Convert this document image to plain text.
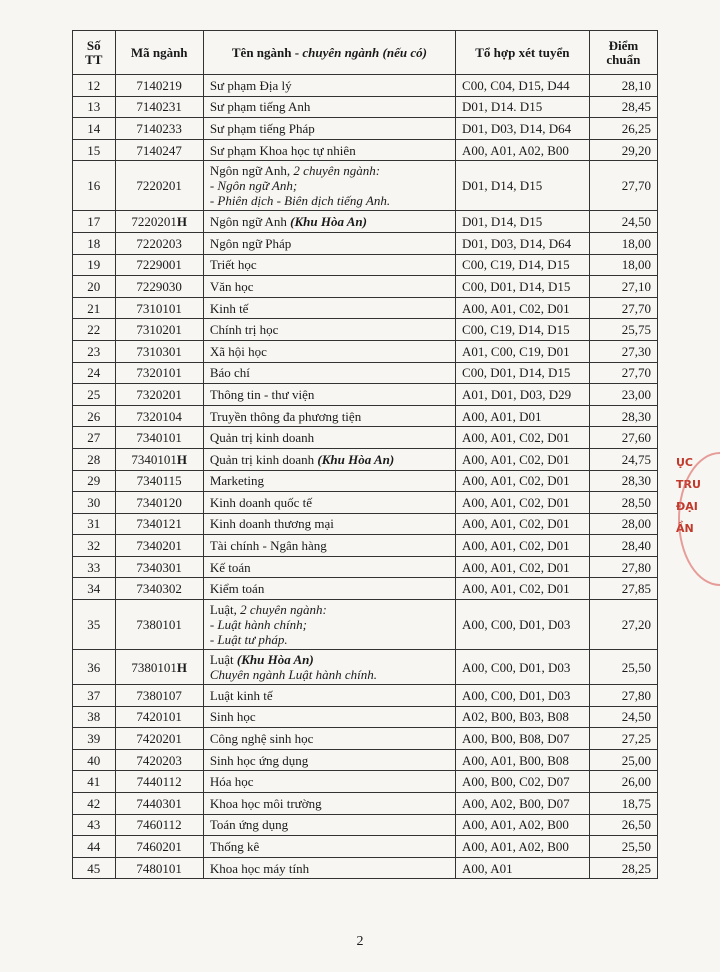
Số
TT	Mã ngành	Tên ngành - chuyên ngành (nếu có)	Tổ hợp xét tuyển	Điểm
chuẩn
12	7140219	Sư phạm Địa lý	C00, C04, D15, D44	28,10
13	7140231	Sư phạm tiếng Anh	D01, D14. D15	28,45
14	7140233	Sư phạm tiếng Pháp	D01, D03, D14, D64	26,25
15	7140247	Sư phạm Khoa học tự nhiên	A00, A01, A02, B00	29,20
16	7220201	Ngôn ngữ Anh, 2 chuyên ngành:
- Ngôn ngữ Anh;
- Phiên dịch - Biên dịch tiếng Anh.	D01, D14, D15	27,70
17	7220201H	Ngôn ngữ Anh (Khu Hòa An)	D01, D14, D15	24,50
18	7220203	Ngôn ngữ Pháp	D01, D03, D14, D64	18,00
19	7229001	Triết học	C00, C19, D14, D15	18,00
20	7229030	Văn học	C00, D01, D14, D15	27,10
21	7310101	Kinh tế	A00, A01, C02, D01	27,70
22	7310201	Chính trị học	C00, C19, D14, D15	25,75
23	7310301	Xã hội học	A01, C00, C19, D01	27,30
24	7320101	Báo chí	C00, D01, D14, D15	27,70
25	7320201	Thông tin - thư viện	A01, D01, D03, D29	23,00
26	7320104	Truyền thông đa phương tiện	A00, A01, D01	28,30
27	7340101	Quản trị kinh doanh	A00, A01, C02, D01	27,60
28	7340101H	Quản trị kinh doanh (Khu Hòa An)	A00, A01, C02, D01	24,75
29	7340115	Marketing	A00, A01, C02, D01	28,30
30	7340120	Kinh doanh quốc tế	A00, A01, C02, D01	28,50
31	7340121	Kinh doanh thương mại	A00, A01, C02, D01	28,00
32	7340201	Tài chính - Ngân hàng	A00, A01, C02, D01	28,40
33	7340301	Kế toán	A00, A01, C02, D01	27,80
34	7340302	Kiểm toán	A00, A01, C02, D01	27,85
35	7380101	Luật, 2 chuyên ngành:
- Luật hành chính;
- Luật tư pháp.	A00, C00, D01, D03	27,20
36	7380101H	Luật (Khu Hòa An)
Chuyên ngành Luật hành chính.	A00, C00, D01, D03	25,50
37	7380107	Luật kinh tế	A00, C00, D01, D03	27,80
38	7420101	Sinh học	A02, B00, B03, B08	24,50
39	7420201	Công nghệ sinh học	A00, B00, B08, D07	27,25
40	7420203	Sinh học ứng dụng	A00, A01, B00, B08	25,00
41	7440112	Hóa học	A00, B00, C02, D07	26,00
42	7440301	Khoa học môi trường	A00, A02, B00, D07	18,75
43	7460112	Toán ứng dụng	A00, A01, A02, B00	26,50
44	7460201	Thống kê	A00, A01, A02, B00	25,50
45	7480101	Khoa học máy tính	A00, A01	28,25
ỤC
TRU
ĐẠI
ẦN
2
